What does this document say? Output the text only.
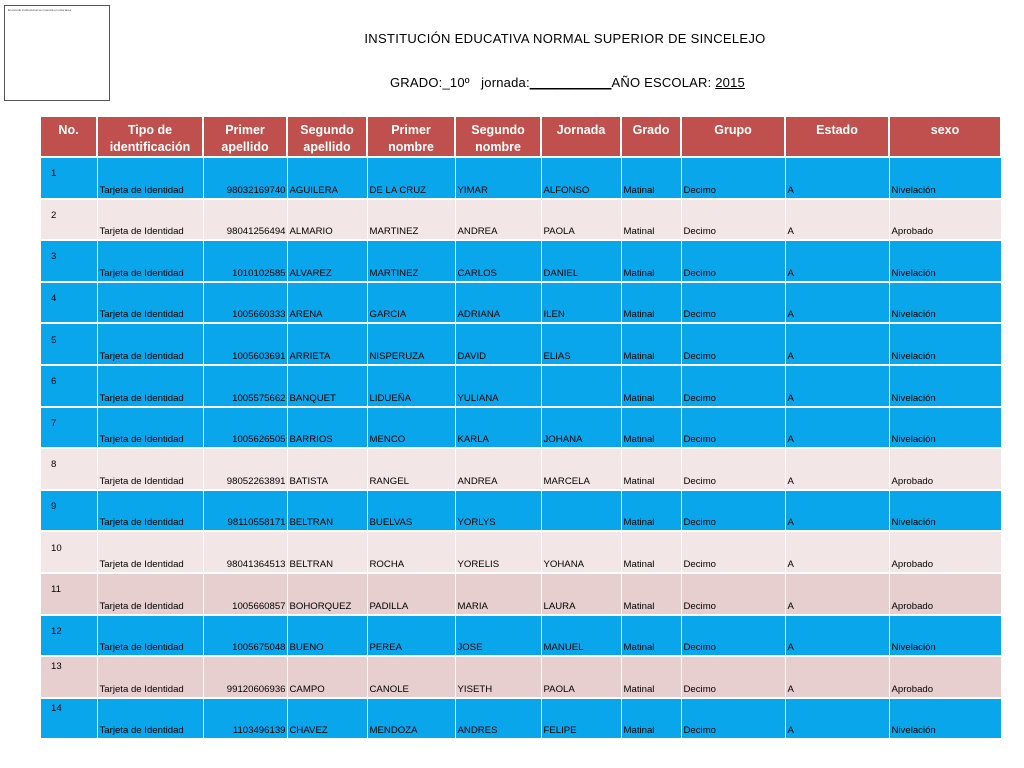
El escudo institucional se muestra en esta área
INSTITUCIÓN EDUCATIVA NORMAL SUPERIOR DE SINCELEJO
GRADO:_10º jornada:___________AÑO ESCOLAR: 2015
No.	Tipo de identificación	Primer apellido	Segundo apellido	Primer nombre	Segundo nombre	Jornada	Grado	Grupo	Estado	sexo
1	Tarjeta de Identidad	98032169740	AGUILERA	DE LA CRUZ	YIMAR	ALFONSO	Matinal	Decimo	A	Nivelación
2	Tarjeta de Identidad	98041256494	ALMARIO	MARTINEZ	ANDREA	PAOLA	Matinal	Decimo	A	Aprobado
3	Tarjeta de Identidad	1010102585	ALVAREZ	MARTINEZ	CARLOS	DANIEL	Matinal	Decimo	A	Nivelación
4	Tarjeta de Identidad	1005660333	ARENA	GARCIA	ADRIANA	ILEN	Matinal	Decimo	A	Nivelación
5	Tarjeta de Identidad	1005603691	ARRIETA	NISPERUZA	DAVID	ELIAS	Matinal	Decimo	A	Nivelación
6	Tarjeta de Identidad	1005575662	BANQUET	LIDUEÑA	YULIANA		Matinal	Decimo	A	Nivelación
7	Tarjeta de Identidad	1005626505	BARRIOS	MENCO	KARLA	JOHANA	Matinal	Decimo	A	Nivelación
8	Tarjeta de Identidad	98052263891	BATISTA	RANGEL	ANDREA	MARCELA	Matinal	Decimo	A	Aprobado
9	Tarjeta de Identidad	98110558171	BELTRAN	BUELVAS	YORLYS		Matinal	Decimo	A	Nivelación
10	Tarjeta de Identidad	98041364513	BELTRAN	ROCHA	YORELIS	YOHANA	Matinal	Decimo	A	Aprobado
11	Tarjeta de Identidad	1005660857	BOHORQUEZ	PADILLA	MARIA	LAURA	Matinal	Decimo	A	Aprobado
12	Tarjeta de Identidad	1005675048	BUENO	PEREA	JOSE	MANUEL	Matinal	Decimo	A	Nivelación
13	Tarjeta de Identidad	99120606936	CAMPO	CANOLE	YISETH	PAOLA	Matinal	Decimo	A	Aprobado
14	Tarjeta de Identidad	1103496139	CHAVEZ	MENDOZA	ANDRES	FELIPE	Matinal	Decimo	A	Nivelación
